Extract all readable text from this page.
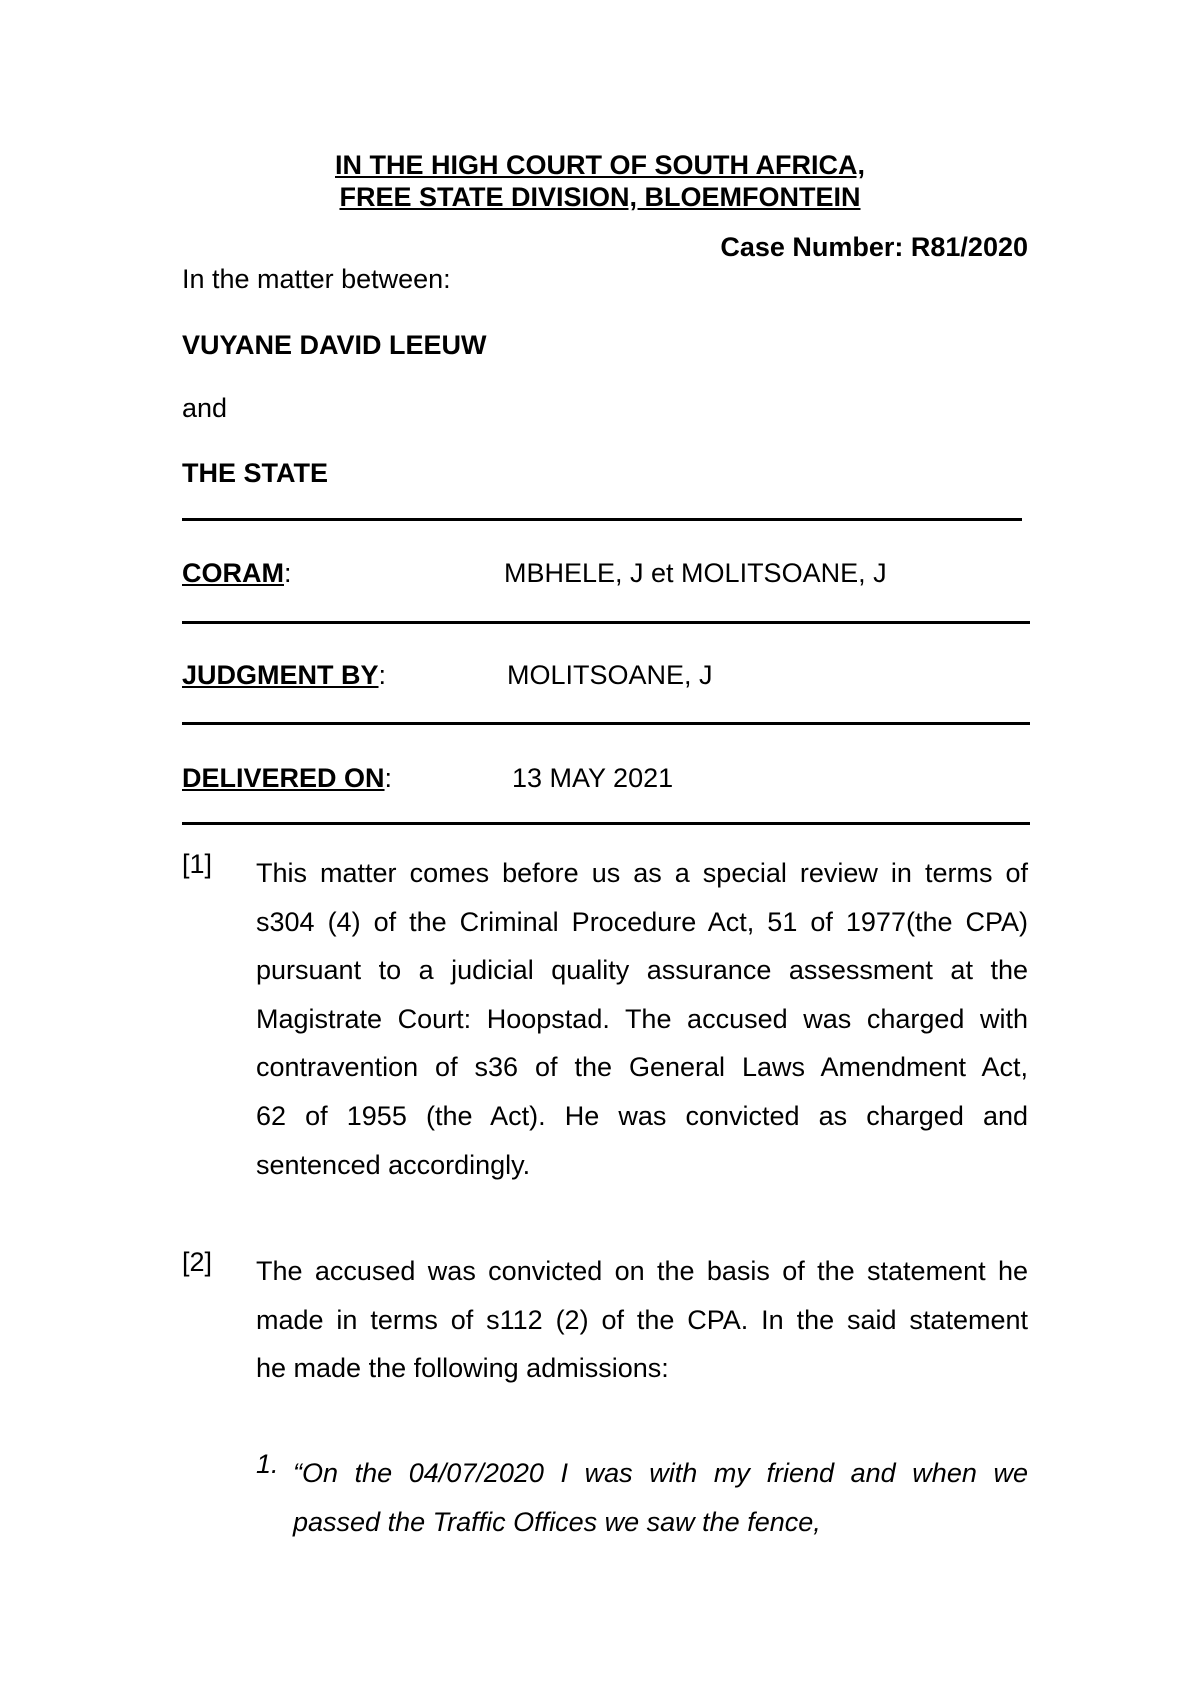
IN THE HIGH COURT OF SOUTH AFRICA,
FREE STATE DIVISION, BLOEMFONTEIN
Case Number: R81/2020
In the matter between:
VUYANE DAVID LEEUW
and
THE STATE
CORAM:	MBHELE, J et MOLITSOANE, J
JUDGMENT BY:	MOLITSOANE, J
DELIVERED ON:	13 MAY 2021
[1] This matter comes before us as a special review in terms of
s304 (4) of the Criminal Procedure Act, 51 of 1977(the CPA)
pursuant to a judicial quality assurance assessment at the
Magistrate Court: Hoopstad. The accused was charged with
contravention of s36 of the General Laws Amendment Act,
62 of 1955 (the Act). He was convicted as charged and
sentenced accordingly.
[2] The accused was convicted on the basis of the statement he
made in terms of s112 (2) of the CPA. In the said statement
he made the following admissions:
1. “On the 04/07/2020 I was with my friend and when we
passed the Traffic Offices we saw the fence,
